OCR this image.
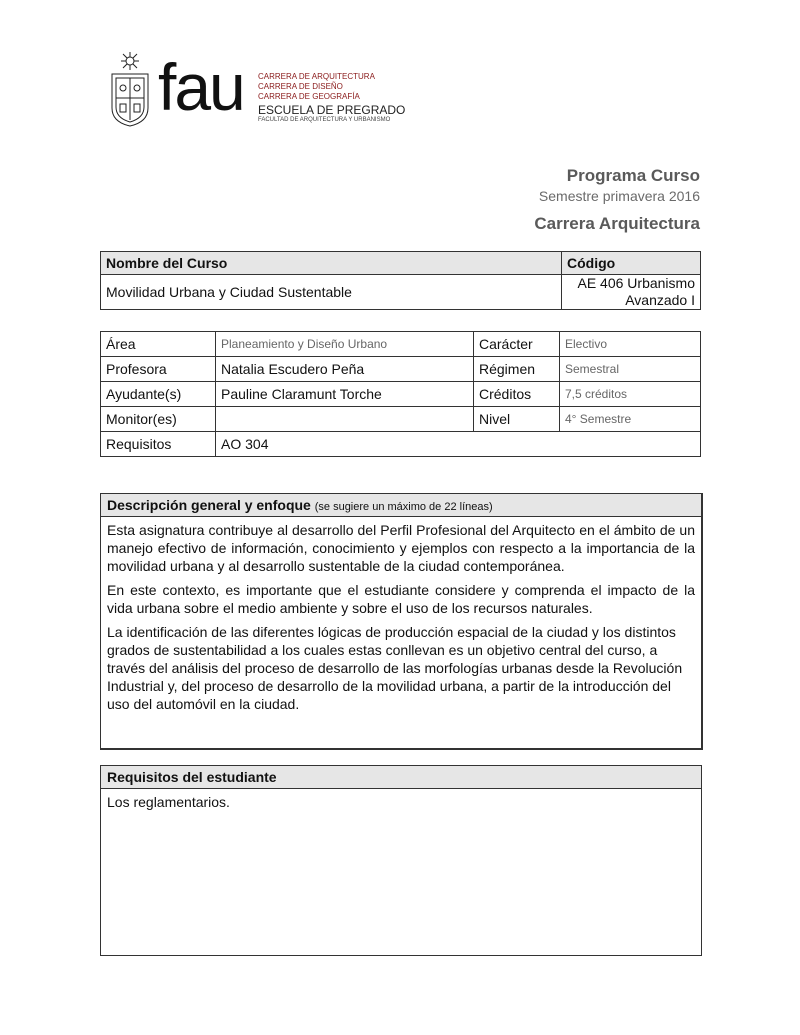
fau CARRERA DE ARQUITECTURA
CARRERA DE DISEÑO
CARRERA DE GEOGRAFÍA
ESCUELA DE PREGRADO
FACULTAD DE ARQUITECTURA Y URBANISMO
Programa Curso
Semestre primavera 2016
Carrera Arquitectura
Nombre del Curso	Código
Movilidad Urbana y Ciudad Sustentable	AE 406 Urbanismo
Avanzado I
Área	Planeamiento y Diseño Urbano	Carácter	Electivo
Profesora	Natalia Escudero Peña	Régimen	Semestral
Ayudante(s)	Pauline Claramunt Torche	Créditos	7,5 créditos
Monitor(es)		Nivel	4° Semestre
Requisitos	AO 304		
Descripción general y enfoque (se sugiere un máximo de 22 líneas)

Esta asignatura contribuye al desarrollo del Perfil Profesional del Arquitecto en el ámbito de un manejo efectivo de información, conocimiento y ejemplos con respecto a la importancia de la movilidad urbana y al desarrollo sustentable de la ciudad contemporánea.

En este contexto, es importante que el estudiante considere y comprenda el impacto de la vida urbana sobre el medio ambiente y sobre el uso de los recursos naturales.

La identificación de las diferentes lógicas de producción espacial de la ciudad y los distintos grados de sustentabilidad a los cuales estas conllevan es un objetivo central del curso, a través del análisis del proceso de desarrollo de las morfologías urbanas desde la Revolución Industrial y, del proceso de desarrollo de la movilidad urbana, a partir de la introducción del uso del automóvil en la ciudad.

Requisitos del estudiante

Los reglamentarios.
